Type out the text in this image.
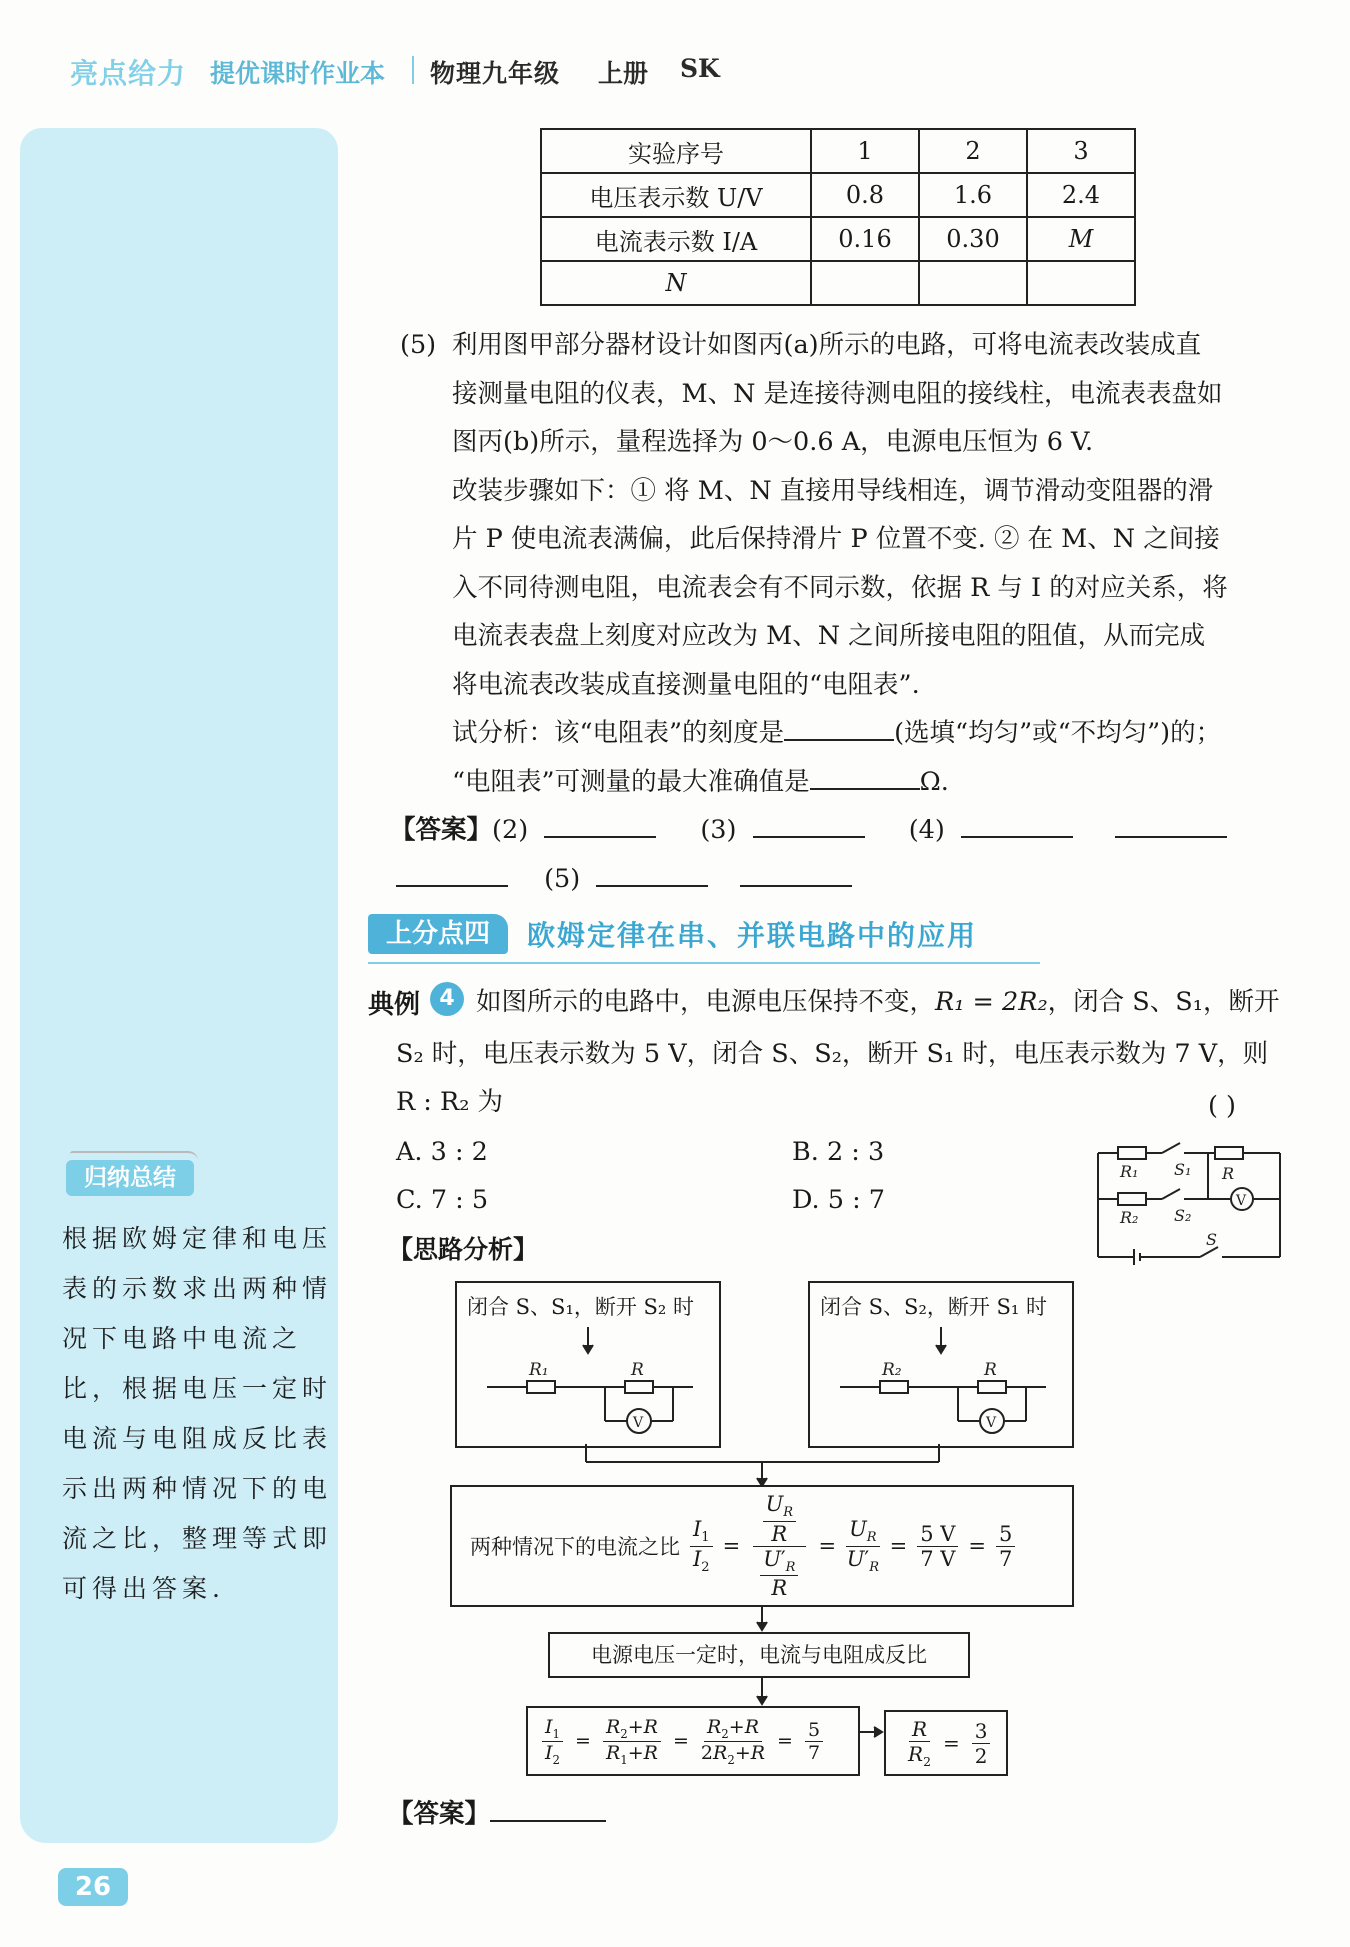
亮点给力 提优课时作业本 物理九年级 上册 SK
归纳总结
根据欧姆定律和电压
表的示数求出两种情
况下电路中电流之
比，根据电压一定时
电流与电阻成反比表
示出两种情况下的电
流之比，整理等式即
可得出答案.
实验序号	1	2	3
电压表示数 U/V	0.8	1.6	2.4
电流表示数 I/A	0.16	0.30	M
N			
(5) 利用图甲部分器材设计如图丙(a)所示的电路，可将电流表改装成直
接测量电阻的仪表，M、N 是连接待测电阻的接线柱，电流表表盘如
图丙(b)所示，量程选择为 0～0.6 A，电源电压恒为 6 V.
改装步骤如下：① 将 M、N 直接用导线相连，调节滑动变阻器的滑
片 P 使电流表满偏，此后保持滑片 P 位置不变. ② 在 M、N 之间接
入不同待测电阻，电流表会有不同示数，依据 R 与 I 的对应关系，将
电流表表盘上刻度对应改为 M、N 之间所接电阻的阻值，从而完成
将电流表改装成直接测量电阻的“电阻表”.
试分析：该“电阻表”的刻度是	(选填“均匀”或“不均匀”)的；
“电阻表”可测量的最大准确值是	Ω.
【答案】(2)	(3)	(4)
(5)
上分点四	欧姆定律在串、并联电路中的应用
典例 4 如图所示的电路中，电源电压保持不变，R₁ = 2R₂，闭合 S、S₁，断开
S₂ 时，电压表示数为 5 V，闭合 S、S₂，断开 S₁ 时，电压表示数为 7 V，则
R : R₂ 为	( )
A. 3 : 2	B. 2 : 3
C. 7 : 5	D. 5 : 7
R₁ S₁ R
R₂ S₂
V
S
【思路分析】
闭合 S、S₁，断开 S₂ 时
R₁	R
V
闭合 S、S₂，断开 S₁ 时
R₂	R
V
两种情况下的电流之比 $\frac{I_1}{I_2} = \frac{\frac{U_R}{R}}{\frac{U'_R}{R}} = \frac{U_R}{U'_R} = \frac{5 V}{7 V} = \frac{5}{7}$
电源电压一定时，电流与电阻成反比
$\frac{I_1}{I_2} = \frac{R_2+R}{R_1+R} = \frac{R_2+R}{2R_2+R} = \frac{5}{7}$	$\frac{R}{R_2} = \frac{3}{2}$
【答案】
26
